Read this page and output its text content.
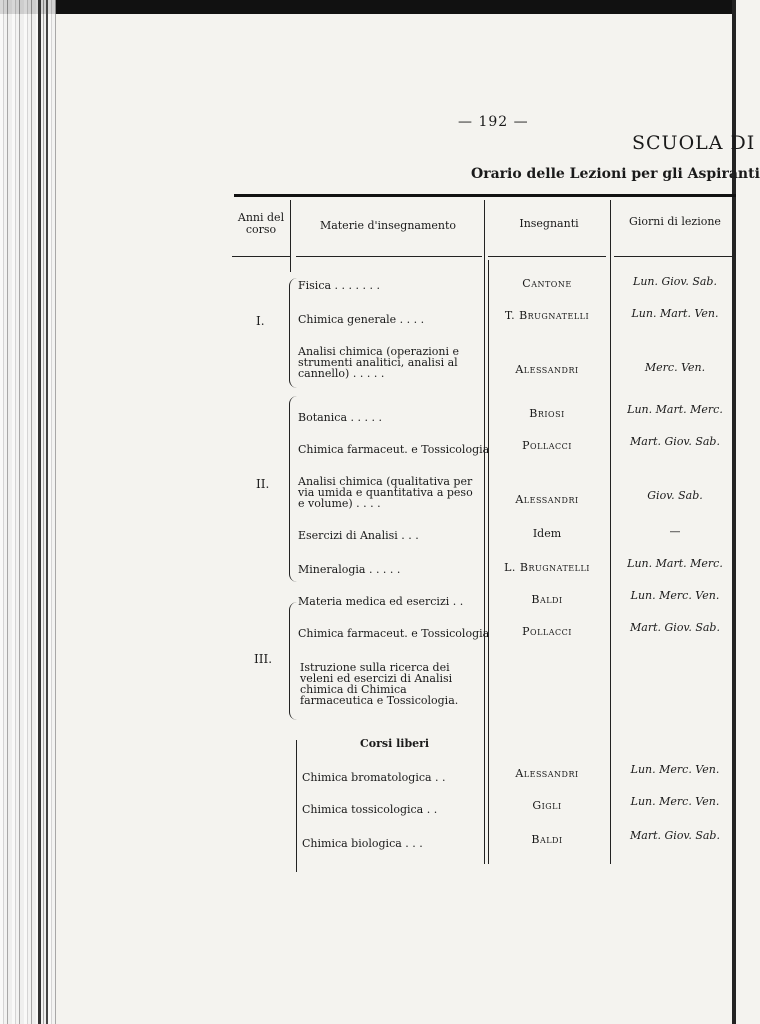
— 192 —
SCUOLA DI
Orario delle Lezioni per gli Aspiranti
Anni del corso	Materie d'insegnamento	Insegnanti	Giorni di lezione
I.
II.
III.
Fisica . . . . . . .	Cantone	Lun. Giov. Sab.
Chimica generale . . . .	T. Brugnatelli	Lun. Mart. Ven.
Analisi chimica (operazioni e strumenti analitici, analisi al cannello) . . . . .	Alessandri	Merc. Ven.
Botanica . . . . .	Briosi	Lun. Mart. Merc.
Chimica farmaceut. e Tossicologia	Pollacci	Mart. Giov. Sab.
Analisi chimica (qualitativa per via umida e quantitativa a peso e volume) . . . .	Alessandri	Giov. Sab.
Esercizi di Analisi . . .	Idem	—
Mineralogia . . . . .	L. Brugnatelli	Lun. Mart. Merc.
Materia medica ed esercizi . .	Baldi	Lun. Merc. Ven.
Chimica farmaceut. e Tossicologia	Pollacci	Mart. Giov. Sab.
Istruzione sulla ricerca dei veleni ed esercizi di Analisi chimica di Chimica farmaceutica e Tossicologia.
Corsi liberi
Chimica bromatologica . .	Alessandri	Lun. Merc. Ven.
Chimica tossicologica . .	Gigli	Lun. Merc. Ven.
Chimica biologica . . .	Baldi	Mart. Giov. Sab.
